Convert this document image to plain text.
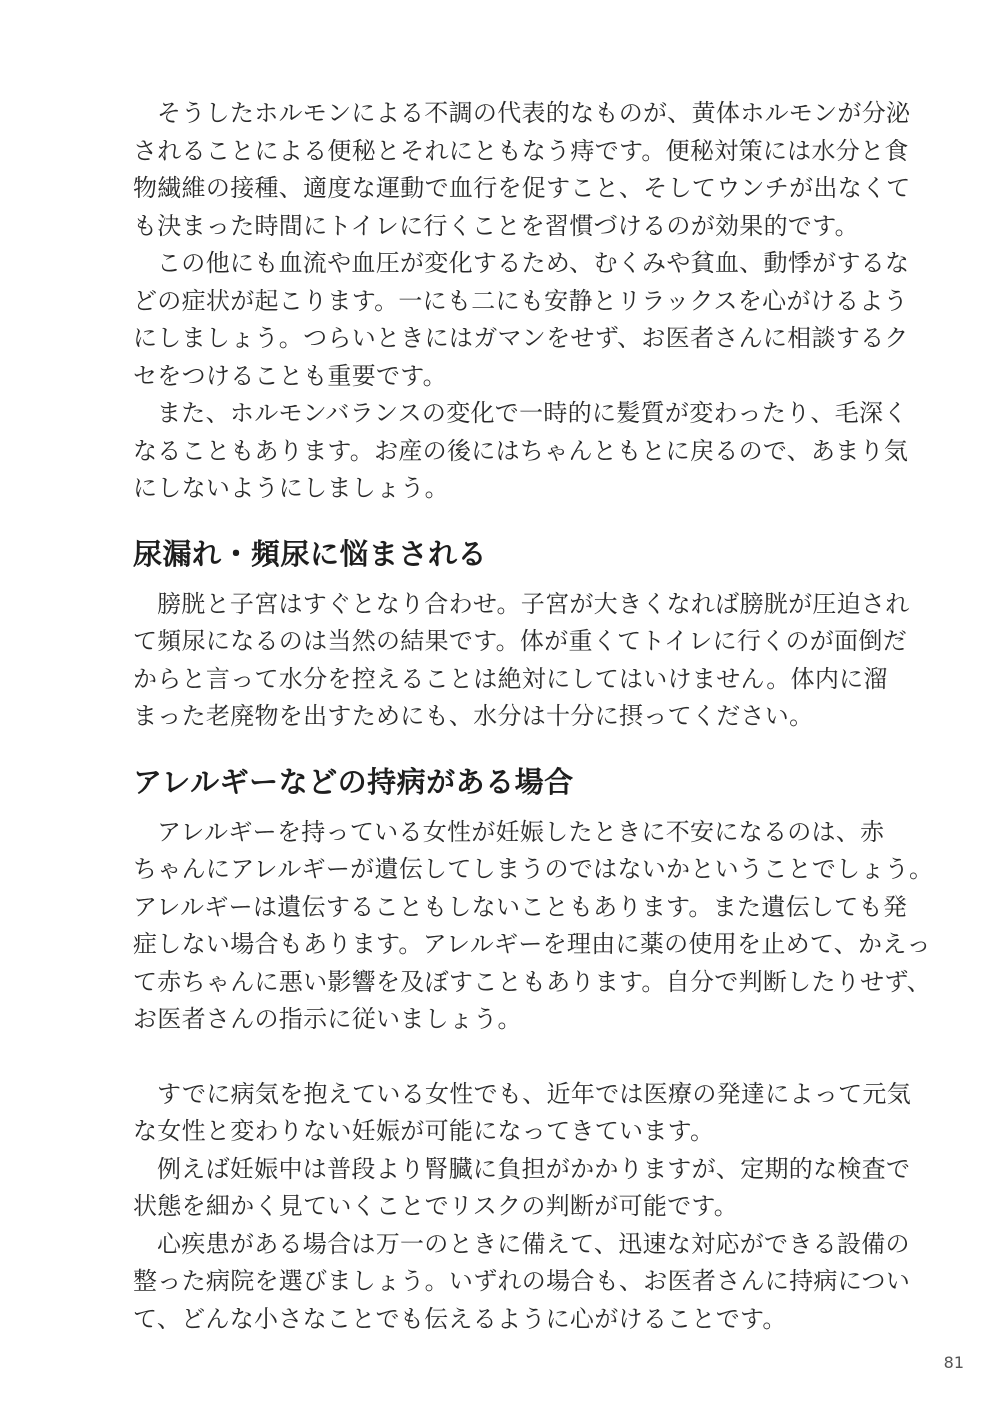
そうしたホルモンによる不調の代表的なものが、黄体ホルモンが分泌
されることによる便秘とそれにともなう痔です。便秘対策には水分と食
物繊維の接種、適度な運動で血行を促すこと、そしてウンチが出なくて
も決まった時間にトイレに行くことを習慣づけるのが効果的です。
この他にも血流や血圧が変化するため、むくみや貧血、動悸がするな
どの症状が起こります。一にも二にも安静とリラックスを心がけるよう
にしましょう。つらいときにはガマンをせず、お医者さんに相談するク
セをつけることも重要です。
また、ホルモンバランスの変化で一時的に髪質が変わったり、毛深く
なることもあります。お産の後にはちゃんともとに戻るので、あまり気
にしないようにしましょう。
尿漏れ・頻尿に悩まされる
膀胱と子宮はすぐとなり合わせ。子宮が大きくなれば膀胱が圧迫され
て頻尿になるのは当然の結果です。体が重くてトイレに行くのが面倒だ
からと言って水分を控えることは絶対にしてはいけません。体内に溜
まった老廃物を出すためにも、水分は十分に摂ってください。
アレルギーなどの持病がある場合
アレルギーを持っている女性が妊娠したときに不安になるのは、赤
ちゃんにアレルギーが遺伝してしまうのではないかということでしょう。
アレルギーは遺伝することもしないこともあります。また遺伝しても発
症しない場合もあります。アレルギーを理由に薬の使用を止めて、かえっ
て赤ちゃんに悪い影響を及ぼすこともあります。自分で判断したりせず、
お医者さんの指示に従いましょう。
すでに病気を抱えている女性でも、近年では医療の発達によって元気
な女性と変わりない妊娠が可能になってきています。
例えば妊娠中は普段より腎臓に負担がかかりますが、定期的な検査で
状態を細かく見ていくことでリスクの判断が可能です。
心疾患がある場合は万一のときに備えて、迅速な対応ができる設備の
整った病院を選びましょう。いずれの場合も、お医者さんに持病につい
て、どんな小さなことでも伝えるように心がけることです。
81
